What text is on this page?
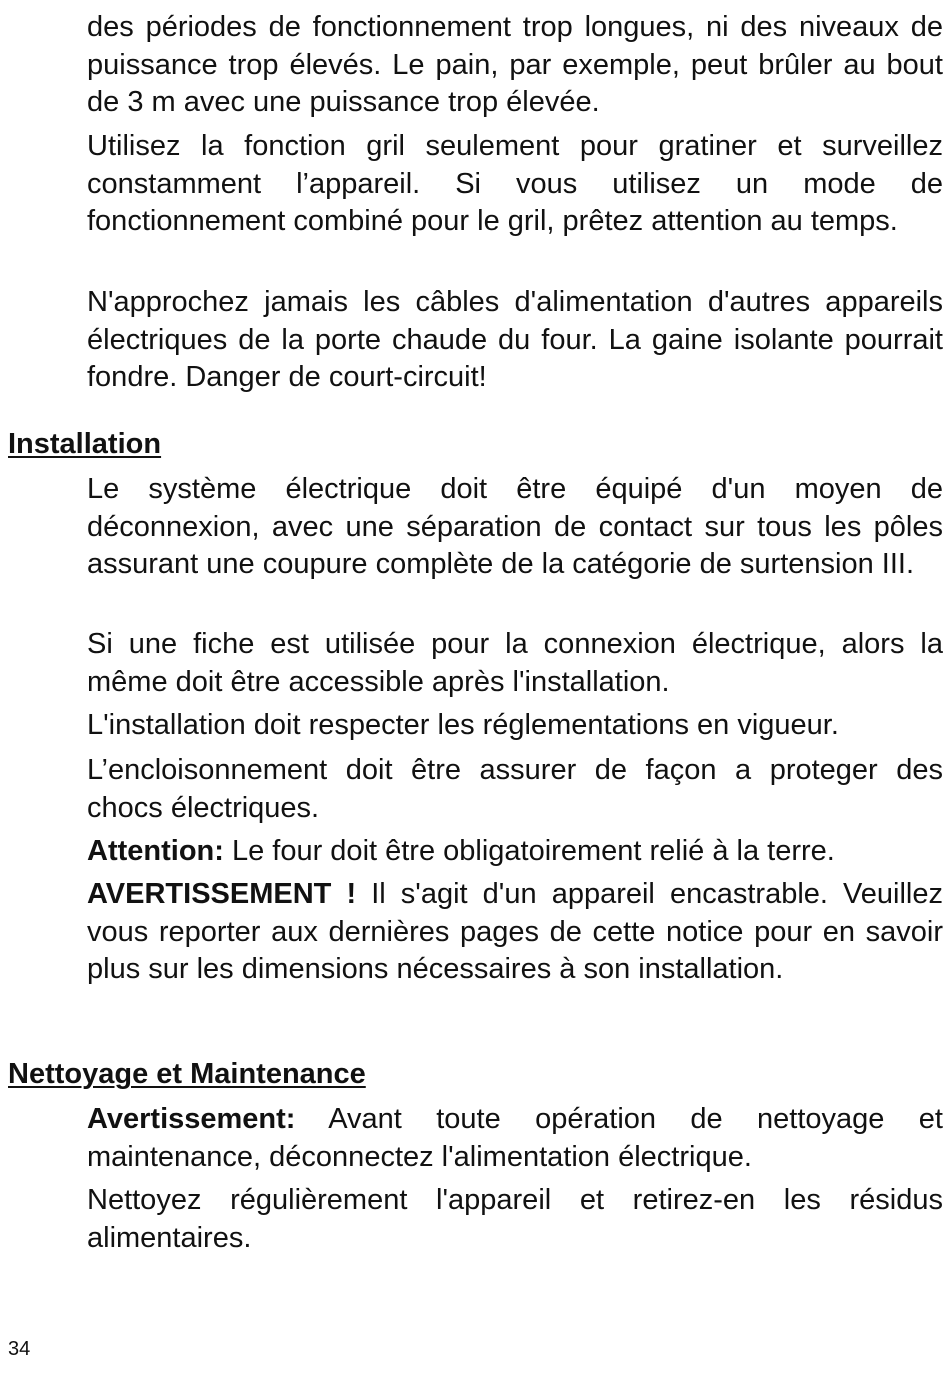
des périodes de fonctionnement trop longues, ni des niveaux de puissance trop élevés. Le pain, par exemple, peut brûler au bout de 3 m avec une puissance trop élevée.

Utilisez la fonction gril seulement pour gratiner et surveillez constamment l’appareil. Si vous utilisez un mode de fonctionnement combiné pour le gril, prêtez attention au temps.

N'approchez jamais les câbles d'alimentation d'autres appareils électriques de la porte chaude du four. La gaine isolante pourrait fondre. Danger de court-circuit!

Installation

Le système électrique doit être équipé d'un moyen de déconnexion, avec une séparation de contact sur tous les pôles assurant une coupure complète de la catégorie de surtension III.

Si une fiche est utilisée pour la connexion électrique, alors la même doit être accessible après l'installation.

L'installation doit respecter les réglementations en vigueur.

L’encloisonnement doit être assurer de façon a proteger des chocs électriques.

Attention: Le four doit être obligatoirement relié à la terre.

AVERTISSEMENT ! Il s'agit d'un appareil encastrable. Veuillez vous reporter aux dernières pages de cette notice pour en savoir plus sur les dimensions nécessaires à son installation.

Nettoyage et Maintenance

Avertissement: Avant toute opération de nettoyage et maintenance, déconnectez l'alimentation électrique.

Nettoyez régulièrement l'appareil et retirez-en les résidus alimentaires.

34
